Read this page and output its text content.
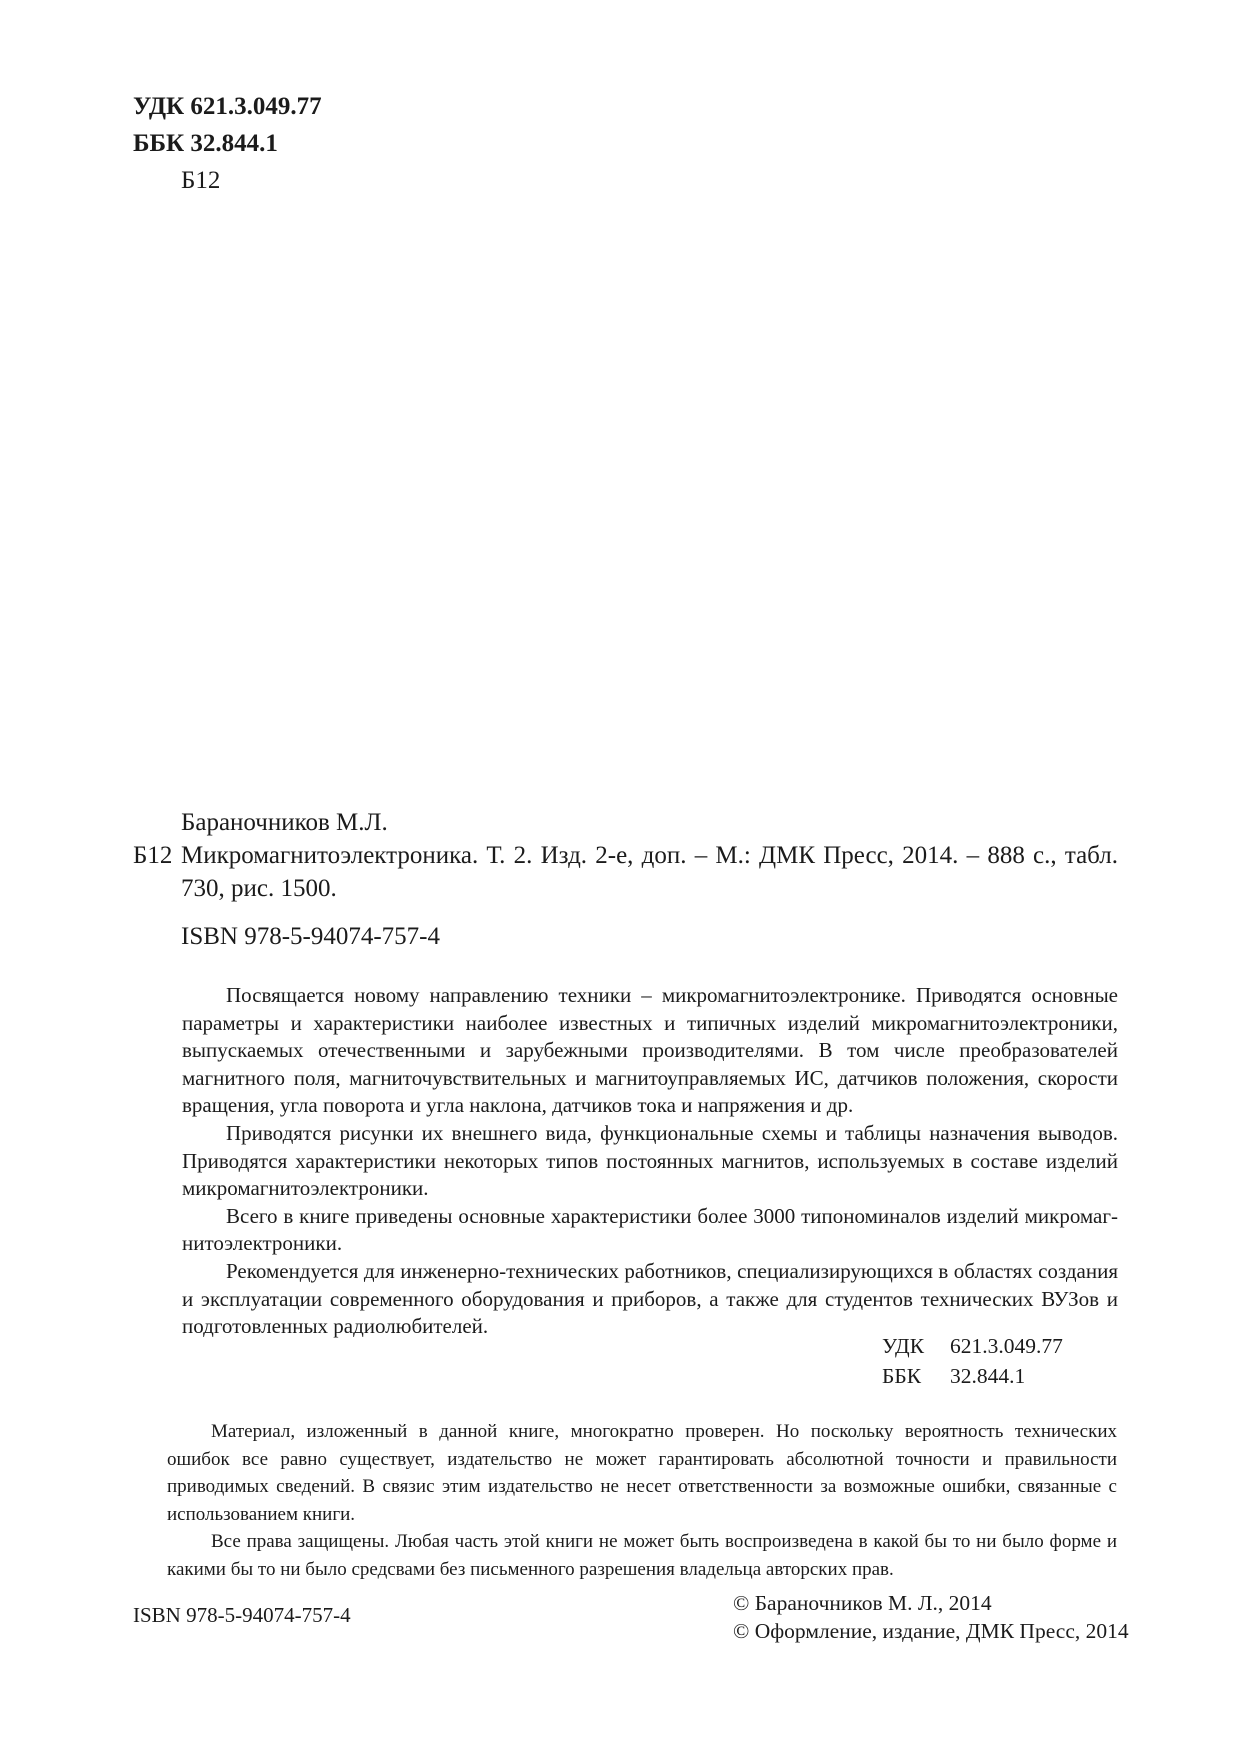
УДК 621.3.049.77
ББК 32.844.1
Б12
Бараночников М.Л.
Б12 Микромагнитоэлектроника. Т. 2. Изд. 2-е, доп. – М.: ДМК Пресс, 2014. – 888 с., табл. 730, рис. 1500.
ISBN 978-5-94074-757-4

Посвящается новому направлению техники – микромагнитоэлектронике. Приводятся основные параметры и характеристики наиболее известных и типичных изделий микромагнитоэлектроники, выпускаемых отечественными и зарубежными производителями. В том числе преобразователей магнитного поля, магниточувствительных и магнитоуправляемых ИС, датчиков положения, скорости вращения, угла поворота и угла наклона, датчиков тока и напряжения и др.

Приводятся рисунки их внешнего вида, функциональные схемы и таблицы назначения выводов. Приводятся характеристики некоторых типов постоянных магнитов, используемых в составе изделий микромагнитоэлектроники.

Всего в книге приведены основные характеристики более 3000 типономиналов изделий микромагнитоэлектроники.

Рекомендуется для инженерно-технических работников, специализирующихся в областях создания и эксплуатации современного оборудования и приборов, а также для студентов технических ВУЗов и подготовленных радиолюбителей.

УДК	621.3.049.77
ББК	32.844.1

Материал, изложенный в данной книге, многократно проверен. Но поскольку вероятность технических ошибок все равно существует, издательство не может гарантировать абсолютной точности и правильности приводимых сведений. В связис этим издательство не несет ответственности за возможные ошибки, связанные с использованием книги.

Все права защищены. Любая часть этой книги не может быть воспроизведена в какой бы то ни было форме и какими бы то ни было средсвами без письменного разрешения владельца авторских прав.

© Бараночников М. Л., 2014
© Оформление, издание, ДМК Пресс, 2014
ISBN 978-5-94074-757-4
